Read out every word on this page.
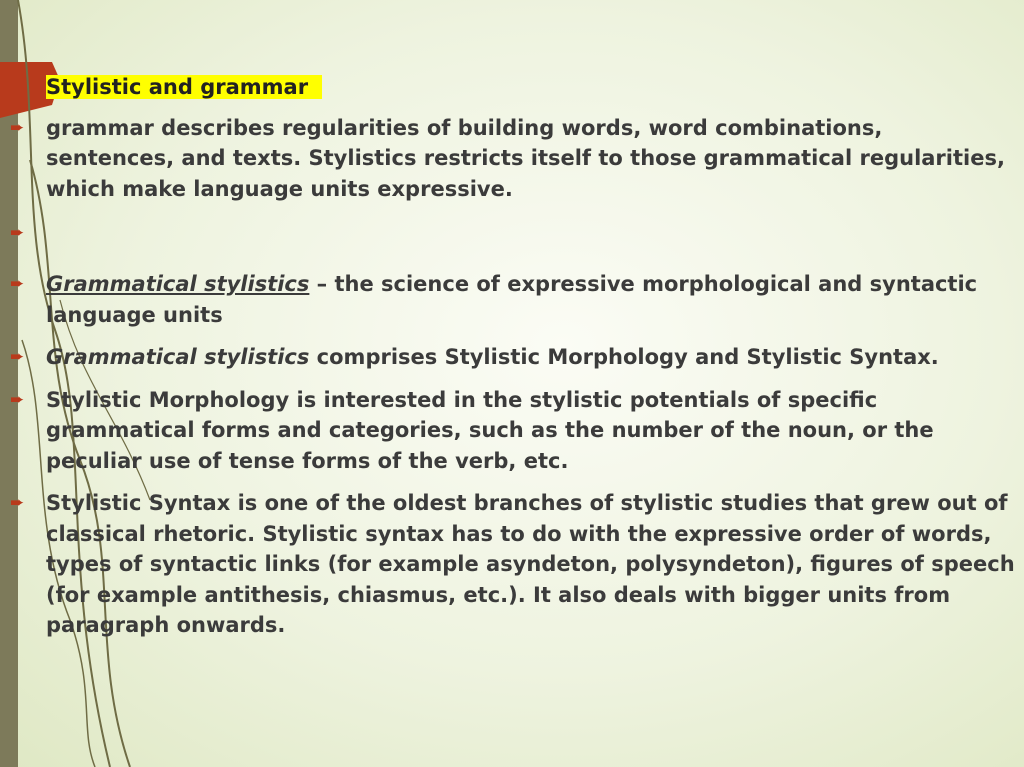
Stylistic and grammar
➨	grammar describes regularities of building words, word combinations, sentences, and texts. Stylistics restricts itself to those grammatical regularities, which make language units expressive.
➨
➨	Grammatical stylistics – the science of expressive morphological and syntactic language units
➨	Grammatical stylistics comprises Stylistic Morphology and Stylistic Syntax.
➨	Stylistic Morphology is interested in the stylistic potentials of specific grammatical forms and categories, such as the number of the noun, or the peculiar use of tense forms of the verb, etc.
➨	Stylistic Syntax is one of the oldest branches of stylistic studies that grew out of classical rhetoric. Stylistic syntax has to do with the expressive order of words, types of syntactic links (for example asyndeton, polysyndeton), figures of speech (for example antithesis, chiasmus, etc.). It also deals with bigger units from paragraph onwards.
